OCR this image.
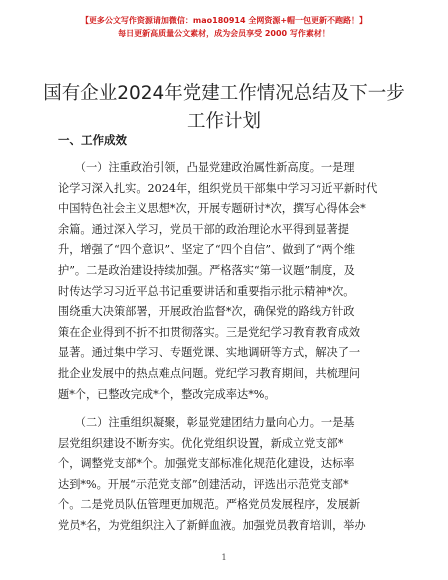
【更多公文写作资源请加微信：mao180914 全网资源+帽一包更新不跑路！】
每日更新高质量公文素材，成为会员享受 2000 写作素材！
国有企业2024年党建工作情况总结及下一步工作计划
一、工作成效
　　（一）注重政治引领，凸显党建政治属性新高度。一是理
论学习深入扎实。2024年，组织党员干部集中学习习近平新时代
中国特色社会主义思想*次，开展专题研讨*次，撰写心得体会*
余篇。通过深入学习，党员干部的政治理论水平得到显著提
升，增强了“四个意识”、坚定了“四个自信”、做到了“两个维
护”。二是政治建设持续加强。严格落实“第一议题”制度，及
时传达学习习近平总书记重要讲话和重要指示批示精神*次。
围绕重大决策部署，开展政治监督*次，确保党的路线方针政
策在企业得到不折不扣贯彻落实。三是党纪学习教育教育成效
显著。通过集中学习、专题党课、实地调研等方式，解决了一
批企业发展中的热点难点问题。党纪学习教育期间，共梳理问
题*个，已整改完成*个，整改完成率达*%。
　　（二）注重组织凝聚，彰显党建团结力量向心力。一是基
层党组织建设不断夯实。优化党组织设置，新成立党支部*
个，调整党支部*个。加强党支部标准化规范化建设，达标率
达到*%。开展“示范党支部”创建活动，评选出示范党支部*
个。二是党员队伍管理更加规范。严格党员发展程序，发展新
党员*名，为党组织注入了新鲜血液。加强党员教育培训，举办
1
